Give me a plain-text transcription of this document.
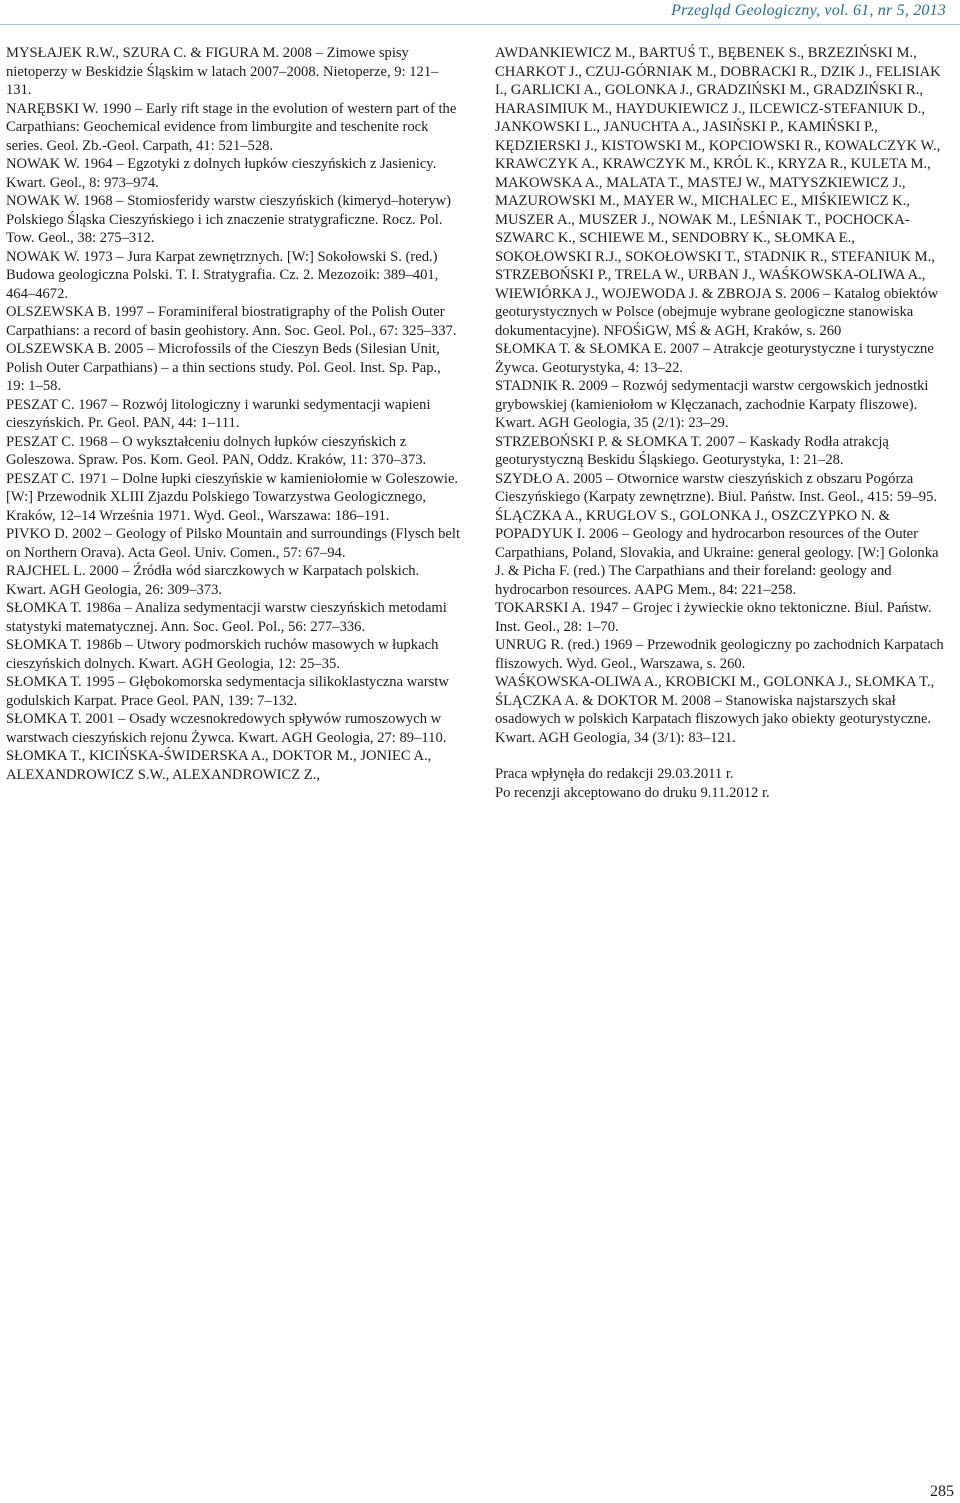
Przegląd Geologiczny, vol. 61, nr 5, 2013

MYSŁAJEK R.W., SZURA C. & FIGURA M. 2008 – Zimowe spisy nietoperzy w Beskidzie Śląskim w latach 2007–2008. Nietoperze, 9: 121–131.

NARĘBSKI W. 1990 – Early rift stage in the evolution of western part of the Carpathians: Geochemical evidence from limburgite and teschenite rock series. Geol. Zb.-Geol. Carpath, 41: 521–528.

NOWAK W. 1964 – Egzotyki z dolnych łupków cieszyńskich z Jasienicy. Kwart. Geol., 8: 973–974.

NOWAK W. 1968 – Stomiosferidy warstw cieszyńskich (kimeryd–hoteryw) Polskiego Śląska Cieszyńskiego i ich znaczenie stratygraficzne. Rocz. Pol. Tow. Geol., 38: 275–312.

NOWAK W. 1973 – Jura Karpat zewnętrznych. [W:] Sokołowski S. (red.) Budowa geologiczna Polski. T. I. Stratygrafia. Cz. 2. Mezozoik: 389–401, 464–4672.

OLSZEWSKA B. 1997 – Foraminiferal biostratigraphy of the Polish Outer Carpathians: a record of basin geohistory. Ann. Soc. Geol. Pol., 67: 325–337.

OLSZEWSKA B. 2005 – Microfossils of the Cieszyn Beds (Silesian Unit, Polish Outer Carpathians) – a thin sections study. Pol. Geol. Inst. Sp. Pap., 19: 1–58.

PESZAT C. 1967 – Rozwój litologiczny i warunki sedymentacji wapieni cieszyńskich. Pr. Geol. PAN, 44: 1–111.

PESZAT C. 1968 – O wykształceniu dolnych łupków cieszyńskich z Goleszowa. Spraw. Pos. Kom. Geol. PAN, Oddz. Kraków, 11: 370–373.

PESZAT C. 1971 – Dolne łupki cieszyńskie w kamieniołomie w Goleszowie. [W:] Przewodnik XLIII Zjazdu Polskiego Towarzystwa Geologicznego, Kraków, 12–14 Września 1971. Wyd. Geol., Warszawa: 186–191.

PIVKO D. 2002 – Geology of Pilsko Mountain and surroundings (Flysch belt on Northern Orava). Acta Geol. Univ. Comen., 57: 67–94.

RAJCHEL L. 2000 – Źródła wód siarczkowych w Karpatach polskich. Kwart. AGH Geologia, 26: 309–373.

SŁOMKA T. 1986a – Analiza sedymentacji warstw cieszyńskich metodami statystyki matematycznej. Ann. Soc. Geol. Pol., 56: 277–336.

SŁOMKA T. 1986b – Utwory podmorskich ruchów masowych w łupkach cieszyńskich dolnych. Kwart. AGH Geologia, 12: 25–35.

SŁOMKA T. 1995 – Głębokomorska sedymentacja silikoklastyczna warstw godulskich Karpat. Prace Geol. PAN, 139: 7–132.

SŁOMKA T. 2001 – Osady wczesnokredowych spływów rumoszowych w warstwach cieszyńskich rejonu Żywca. Kwart. AGH Geologia, 27: 89–110.

SŁOMKA T., KICIŃSKA-ŚWIDERSKA A., DOKTOR M., JONIEC A., ALEXANDROWICZ S.W., ALEXANDROWICZ Z.,

AWDANKIEWICZ M., BARTUŚ T., BĘBENEK S., BRZEZIŃSKI M., CHARKOT J., CZUJ-GÓRNIAK M., DOBRACKI R., DZIK J., FELISIAK I., GARLICKI A., GOLONKA J., GRADZIŃSKI M., GRADZIŃSKI R., HARASIMIUK M., HAYDUKIEWICZ J., ILCEWICZ-STEFANIUK D., JANKOWSKI L., JANUCHTA A., JASIŃSKI P., KAMIŃSKI P., KĘDZIERSKI J., KISTOWSKI M., KOPCIOWSKI R., KOWALCZYK W., KRAWCZYK A., KRAWCZYK M., KRÓL K., KRYZA R., KULETA M., MAKOWSKA A., MALATA T., MASTEJ W., MATYSZKIEWICZ J., MAZUROWSKI M., MAYER W., MICHALEC E., MIŚKIEWICZ K., MUSZER A., MUSZER J., NOWAK M., LEŚNIAK T., POCHOCKA-SZWARC K., SCHIEWE M., SENDOBRY K., SŁOMKA E., SOKOŁOWSKI R.J., SOKOŁOWSKI T., STADNIK R., STEFANIUK M., STRZEBOŃSKI P., TRELA W., URBAN J., WAŚKOWSKA-OLIWA A., WIEWIÓRKA J., WOJEWODA J. & ZBROJA S. 2006 – Katalog obiektów geoturystycznych w Polsce (obejmuje wybrane geologiczne stanowiska dokumentacyjne). NFOŚiGW, MŚ & AGH, Kraków, s. 260

SŁOMKA T. & SŁOMKA E. 2007 – Atrakcje geoturystyczne i turystyczne Żywca. Geoturystyka, 4: 13–22.

STADNIK R. 2009 – Rozwój sedymentacji warstw cergowskich jednostki grybowskiej (kamieniołom w Klęczanach, zachodnie Karpaty fliszowe). Kwart. AGH Geologia, 35 (2/1): 23–29.

STRZEBOŃSKI P. & SŁOMKA T. 2007 – Kaskady Rodła atrakcją geoturystyczną Beskidu Śląskiego. Geoturystyka, 1: 21–28.

SZYDŁO A. 2005 – Otwornice warstw cieszyńskich z obszaru Pogórza Cieszyńskiego (Karpaty zewnętrzne). Biul. Państw. Inst. Geol., 415: 59–95.

ŚLĄCZKA A., KRUGLOV S., GOLONKA J., OSZCZYPKO N. & POPADYUK I. 2006 – Geology and hydrocarbon resources of the Outer Carpathians, Poland, Slovakia, and Ukraine: general geology. [W:] Golonka J. & Picha F. (red.) The Carpathians and their foreland: geology and hydrocarbon resources. AAPG Mem., 84: 221–258.

TOKARSKI A. 1947 – Grojec i żywieckie okno tektoniczne. Biul. Państw. Inst. Geol., 28: 1–70.

UNRUG R. (red.) 1969 – Przewodnik geologiczny po zachodnich Karpatach fliszowych. Wyd. Geol., Warszawa, s. 260.

WAŚKOWSKA-OLIWA A., KROBICKI M., GOLONKA J., SŁOMKA T., ŚLĄCZKA A. & DOKTOR M. 2008 – Stanowiska najstarszych skał osadowych w polskich Karpatach fliszowych jako obiekty geoturystyczne. Kwart. AGH Geologia, 34 (3/1): 83–121.

Praca wpłynęła do redakcji 29.03.2011 r.

Po recenzji akceptowano do druku 9.11.2012 r.

285
